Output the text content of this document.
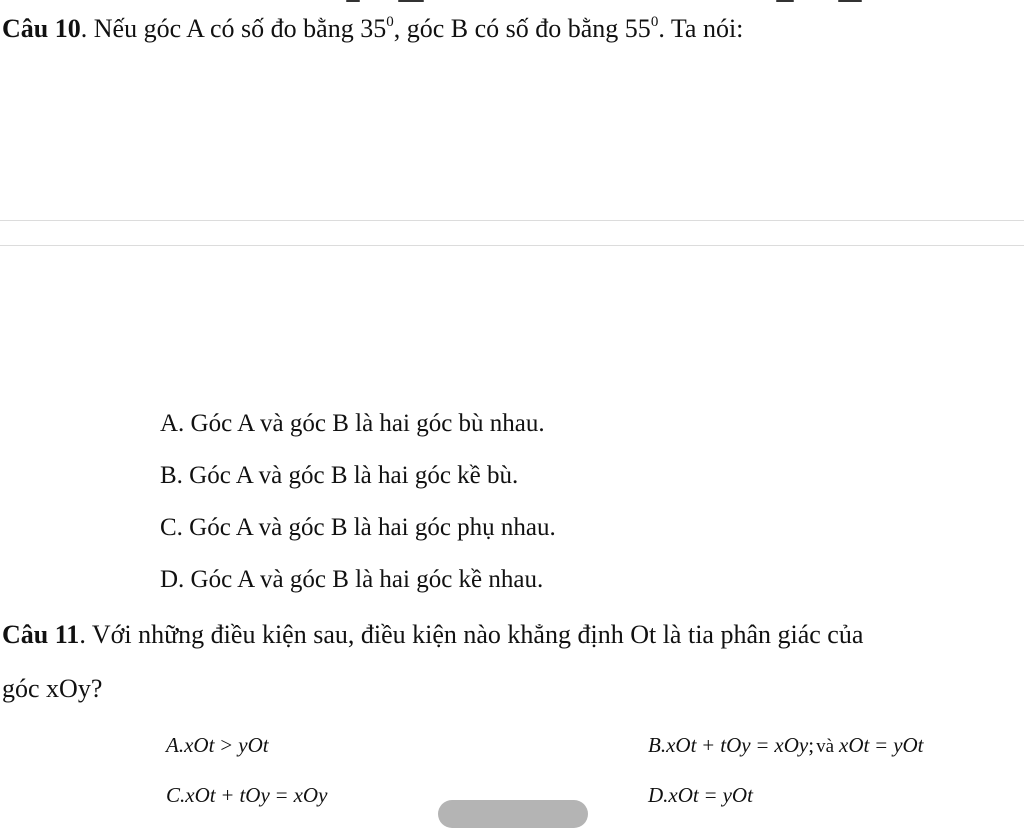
Câu 10. Nếu góc A có số đo bằng $35^0$, góc B có số đo bằng $55^0$. Ta nói:
A. Góc A và góc B là hai góc bù nhau.
B. Góc A và góc B là hai góc kề bù.
C. Góc A và góc B là hai góc phụ nhau.
D. Góc A và góc B là hai góc kề nhau.
Câu 11. Với những điều kiện sau, điều kiện nào khẳng định Ot là tia phân giác của
góc xOy?
A.xOt > yOt	B.xOt + tOy = xOy; và xOt = yOt
C.xOt + tOy = xOy	D.xOt = yOt
